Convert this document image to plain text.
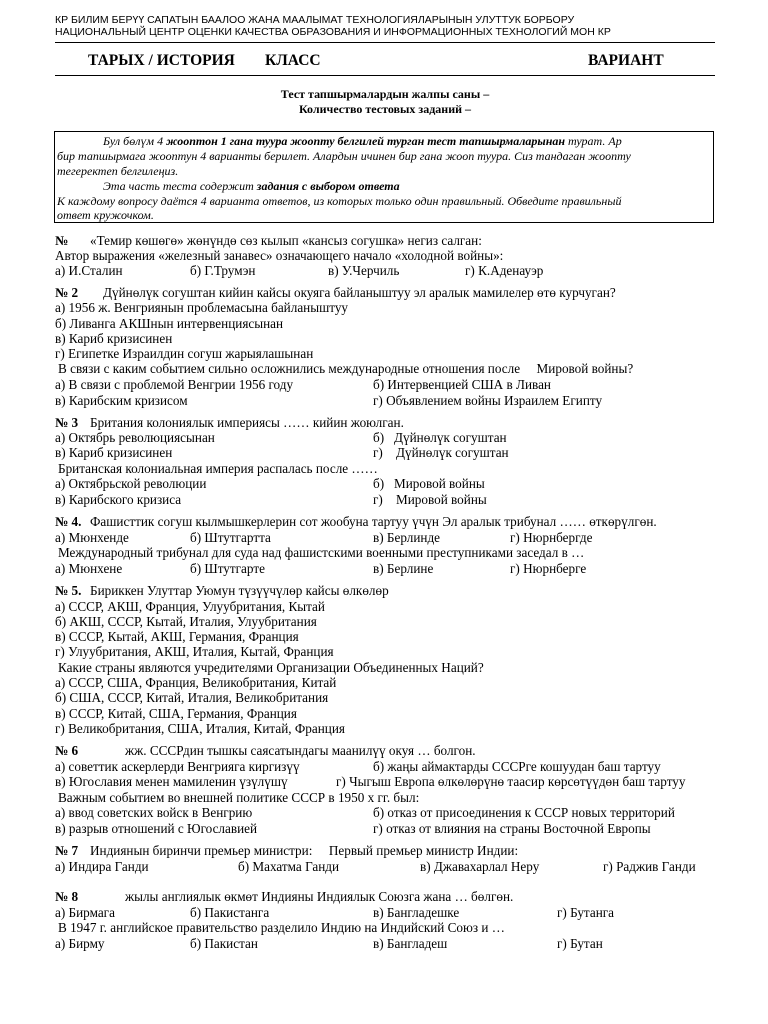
КР БИЛИМ БЕРҮҮ САПАТЫН БААЛОО ЖАНА МААЛЫМАТ ТЕХНОЛОГИЯЛАРЫНЫН УЛУТТУК БОРБОРУ
НАЦИОНАЛЬНЫЙ ЦЕНТР ОЦЕНКИ КАЧЕСТВА ОБРАЗОВАНИЯ И ИНФОРМАЦИОННЫХ ТЕХНОЛОГИЙ МОН КР
ТАРЫХ / ИСТОРИЯ КЛАСС	ВАРИАНТ
Тест тапшырмалардын жалпы саны –
Количество тестовых заданий –
Бул бөлүм 4 жооптон 1 гана туура жоопту белгилей турган тест тапшырмаларынан турат. Ар
бир тапшырмага жооптун 4 варианты берилет. Алардын ичинен бир гана жооп туура. Сиз тандаган жоопту
тегеректеп белгилеңиз.
Эта часть теста содержит задания с выбором ответа
К каждому вопросу даётся 4 варианта ответов, из которых только один правильный. Обведите правильный
ответ кружочком.
№ «Темир көшөгө» жөнүндө сөз кылып «кансыз согушка» негиз салган:
Автор выражения «железный занавес» означающего начало «холодной войны»:
а) И.Сталин	б) Г.Трумэн	в) У.Черчиль	г) К.Аденауэр
№ 2 Дүйнөлүк согуштан кийин кайсы окуяга байланыштуу эл аралык мамилелер өтө курчуган?
а) 1956 ж. Венгриянын проблемасына байланыштуу
б) Ливанга АКШнын интервенциясынан
в) Кариб кризисинен
г) Египетке Израилдин согуш жарыялашынан
В связи с каким событием сильно осложнились международные отношения после     Мировой войны?
а) В связи с проблемой Венгрии 1956 году	б) Интервенцией США в Ливан
в) Карибским кризисом	г) Объявлением войны Израилем Египту
№ 3 Британия колониялык империясы …… кийин жоюлган.
а) Октябрь революциясынан	б)   Дүйнөлүк согуштан
в) Кариб кризисинен	г)    Дүйнөлүк согуштан
Британская колониальная империя распалась после ……
а) Октябрьской революции	б)   Мировой войны
в) Карибского кризиса	г)    Мировой войны
№ 4. Фашисттик согуш кылмышкерлерин сот жообуна тартуу үчүн Эл аралык трибунал …… өткөрүлгөн.
а) Мюнхенде	б) Штутгартта	в) Берлинде	г) Нюрнбергде
Международный трибунал для суда над фашистскими военными преступниками заседал в …
а) Мюнхене	б) Штутгарте	в) Берлине	г) Нюрнберге
№ 5. Бириккен Улуттар Уюмун түзүүчүлөр кайсы өлкөлөр
а) СССР, АКШ, Франция, Улуубритания, Кытай
б) АКШ, СССР, Кытай, Италия, Улуубритания
в) СССР, Кытай, АКШ, Германия, Франция
г) Улуубритания, АКШ, Италия, Кытай, Франция
Какие страны являются учредителями Организации Объединенных Наций?
а) СССР, США, Франция, Великобритания, Китай
б) США, СССР, Китай, Италия, Великобритания
в) СССР, Китай, США, Германия, Франция
г) Великобритания, США, Италия, Китай, Франция
№ 6	жж. СССРдин тышкы саясатындагы маанилүү окуя … болгон.
а) советтик аскерлерди Венгрияга киргизүү	б) жаңы аймактарды СССРге кошуудан баш тартуу
в) Югославия менен мамиленин үзүлүшү	г) Чыгыш Европа өлкөлөрүнө таасир көрсөтүүдөн баш тартуу
Важным событием во внешней политике СССР в 1950 х гг. был:
а) ввод советских войск в Венгрию	б) отказ от присоединения к СССР новых территорий
в) разрыв отношений с Югославией	г) отказ от влияния на страны Восточной Европы
№ 7 Индиянын биринчи премьер министри:     Первый премьер министр Индии:
а) Индира Ганди	б) Махатма Ганди	в) Джавахарлал Неру	г) Раджив Ганди
№ 8	жылы англиялык өкмөт Индияны Индиялык Союзга жана … бөлгөн.
а) Бирмага	б) Пакистанга	в) Бангладешке	г) Бутанга
В 1947 г. английское правительство разделило Индию на Индийский Союз и …
а) Бирму	б) Пакистан	в) Бангладеш	г) Бутан
